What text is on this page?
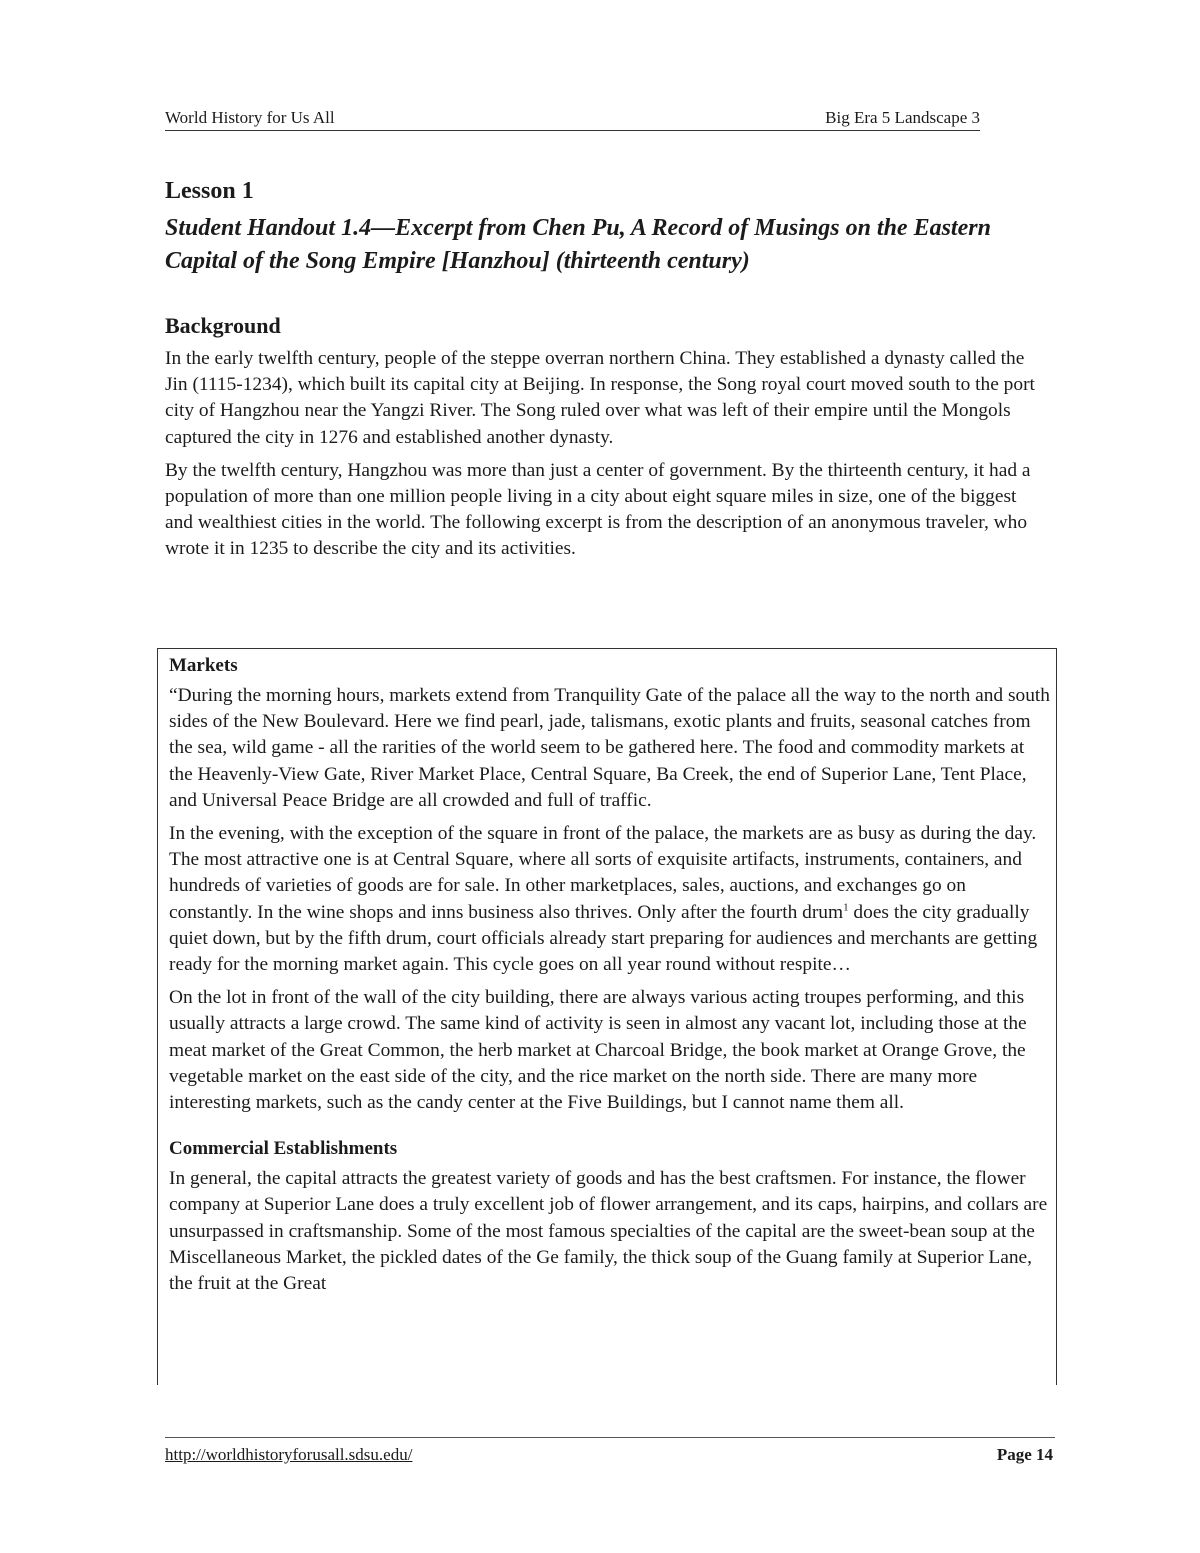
World History for Us All	Big Era 5 Landscape 3
Lesson 1
Student Handout 1.4—Excerpt from Chen Pu, A Record of Musings on the Eastern Capital of the Song Empire [Hanzhou] (thirteenth century)
Background

In the early twelfth century, people of the steppe overran northern China. They established a dynasty called the Jin (1115-1234), which built its capital city at Beijing. In response, the Song royal court moved south to the port city of Hangzhou near the Yangzi River. The Song ruled over what was left of their empire until the Mongols captured the city in 1276 and established another dynasty.

By the twelfth century, Hangzhou was more than just a center of government. By the thirteenth century, it had a population of more than one million people living in a city about eight square miles in size, one of the biggest and wealthiest cities in the world. The following excerpt is from the description of an anonymous traveler, who wrote it in 1235 to describe the city and its activities.

Markets

“During the morning hours, markets extend from Tranquility Gate of the palace all the way to the north and south sides of the New Boulevard. Here we find pearl, jade, talismans, exotic plants and fruits, seasonal catches from the sea, wild game - all the rarities of the world seem to be gathered here. The food and commodity markets at the Heavenly-View Gate, River Market Place, Central Square, Ba Creek, the end of Superior Lane, Tent Place, and Universal Peace Bridge are all crowded and full of traffic.

In the evening, with the exception of the square in front of the palace, the markets are as busy as during the day. The most attractive one is at Central Square, where all sorts of exquisite artifacts, instruments, containers, and hundreds of varieties of goods are for sale. In other marketplaces, sales, auctions, and exchanges go on constantly. In the wine shops and inns business also thrives. Only after the fourth drum$^1$ does the city gradually quiet down, but by the fifth drum, court officials already start preparing for audiences and merchants are getting ready for the morning market again. This cycle goes on all year round without respite…

On the lot in front of the wall of the city building, there are always various acting troupes performing, and this usually attracts a large crowd. The same kind of activity is seen in almost any vacant lot, including those at the meat market of the Great Common, the herb market at Charcoal Bridge, the book market at Orange Grove, the vegetable market on the east side of the city, and the rice market on the north side. There are many more interesting markets, such as the candy center at the Five Buildings, but I cannot name them all.

Commercial Establishments

In general, the capital attracts the greatest variety of goods and has the best craftsmen. For instance, the flower company at Superior Lane does a truly excellent job of flower arrangement, and its caps, hairpins, and collars are unsurpassed in craftsmanship. Some of the most famous specialties of the capital are the sweet-bean soup at the Miscellaneous Market, the pickled dates of the Ge family, the thick soup of the Guang family at Superior Lane, the fruit at the Great

http://worldhistoryforusall.sdsu.edu/	Page 14
